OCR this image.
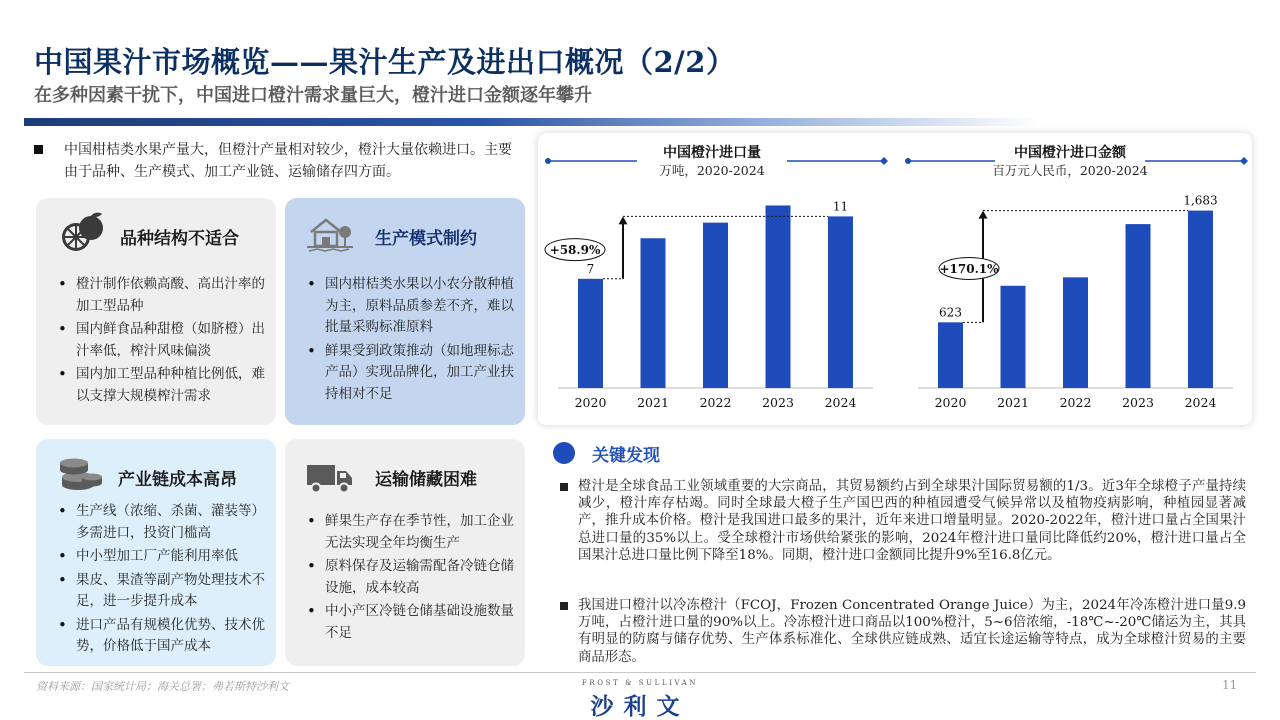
中国果汁市场概览——果汁生产及进出口概况（2/2）
在多种因素干扰下，中国进口橙汁需求量巨大，橙汁进口金额逐年攀升
中国柑桔类水果产量大，但橙汁产量相对较少，橙汁大量依赖进口。主要由于品种、生产模式、加工产业链、运输储存四方面。
品种结构不适合
• 橙汁制作依赖高酸、高出汁率的加工型品种
• 国内鲜食品种甜橙（如脐橙）出汁率低，榨汁风味偏淡
• 国内加工型品种种植比例低，难以支撑大规模榨汁需求
生产模式制约
• 国内柑桔类水果以小农分散种植为主，原料品质参差不齐，难以批量采购标准原料
• 鲜果受到政策推动（如地理标志产品）实现品牌化，加工产业扶持相对不足
产业链成本高昂
• 生产线（浓缩、杀菌、灌装等）多需进口，投资门槛高
• 中小型加工厂产能利用率低
• 果皮、果渣等副产物处理技术不足，进一步提升成本
• 进口产品有规模化优势、技术优势，价格低于国产成本
运输储藏困难
• 鲜果生产存在季节性，加工企业无法实现全年均衡生产
• 原料保存及运输需配备冷链仓储设施，成本较高
• 中小产区冷链仓储基础设施数量不足
中国橙汁进口量
万吨，2020-2024
2020
7
2021 2022 2023 2024
11
+58.9%
中国橙汁进口金额
百万元人民币，2020-2024
2020
623
2021 2022 2023 2024
1,683
+170.1%
关键发现
橙汁是全球食品工业领域重要的大宗商品，其贸易额约占到全球果汁国际贸易额的1/3。近3年全球橙子产量持续减少，橙汁库存枯竭。同时全球最大橙子生产国巴西的种植园遭受气候异常以及植物疫病影响，种植园显著减产，推升成本价格。橙汁是我国进口最多的果汁，近年来进口增量明显。2020-2022年，橙汁进口量占全国果汁总进口量的35%以上。受全球橙汁市场供给紧张的影响，2024年橙汁进口量同比降低约20%，橙汁进口量占全国果汁总进口量比例下降至18%。同期，橙汁进口金额同比提升9%至16.8亿元。
我国进口橙汁以冷冻橙汁（FCOJ，Frozen Concentrated Orange Juice）为主，2024年冷冻橙汁进口量9.9万吨，占橙汁进口量的90%以上。冷冻橙汁进口商品以100%橙汁，5~6倍浓缩，-18℃~-20℃储运为主，其具有明显的防腐与储存优势、生产体系标准化、全球供应链成熟、适宜长途运输等特点，成为全球橙汁贸易的主要商品形态。
资料来源：国家统计局；海关总署；弗若斯特沙利文	FROST & SULLIVAN
沙利文
11
